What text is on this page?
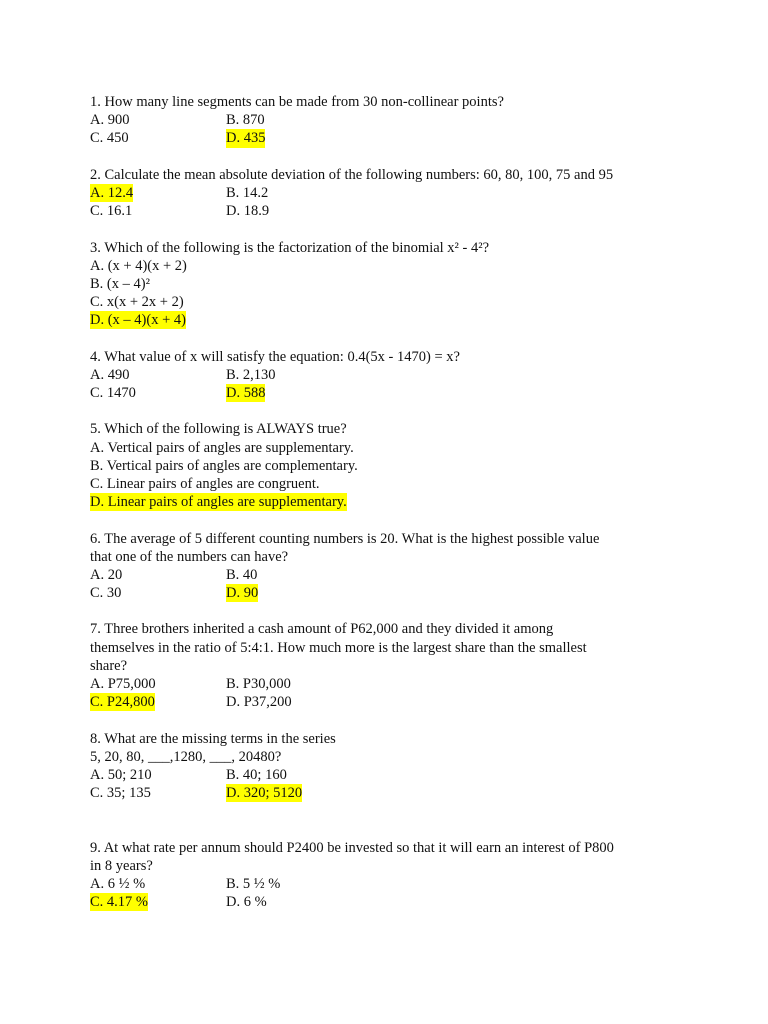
1. How many line segments can be made from 30 non-collinear points?
A. 900	B. 870
C. 450	D. 435
2. Calculate the mean absolute deviation of the following numbers: 60, 80, 100, 75 and 95
A. 12.4	B. 14.2
C. 16.1	D. 18.9
3. Which of the following is the factorization of the binomial x² - 4²?
A. (x + 4)(x + 2)
B. (x – 4)²
C. x(x + 2x + 2)
D. (x – 4)(x + 4)
4. What value of x will satisfy the equation: 0.4(5x - 1470) = x?
A. 490	B. 2,130
C. 1470	D. 588
5. Which of the following is ALWAYS true?
A. Vertical pairs of angles are supplementary.
B. Vertical pairs of angles are complementary.
C. Linear pairs of angles are congruent.
D. Linear pairs of angles are supplementary.
6. The average of 5 different counting numbers is 20. What is the highest possible value
that one of the numbers can have?
A. 20	B. 40
C. 30	D. 90
7. Three brothers inherited a cash amount of P62,000 and they divided it among
themselves in the ratio of 5:4:1. How much more is the largest share than the smallest
share?
A. P75,000	B. P30,000
C. P24,800	D. P37,200
8. What are the missing terms in the series
5, 20, 80, ___,1280, ___, 20480?
A. 50; 210	B. 40; 160
C. 35; 135	D. 320; 5120
9. At what rate per annum should P2400 be invested so that it will earn an interest of P800
in 8 years?
A. 6 ½ %	B. 5 ½ %
C. 4.17 %	D. 6 %
